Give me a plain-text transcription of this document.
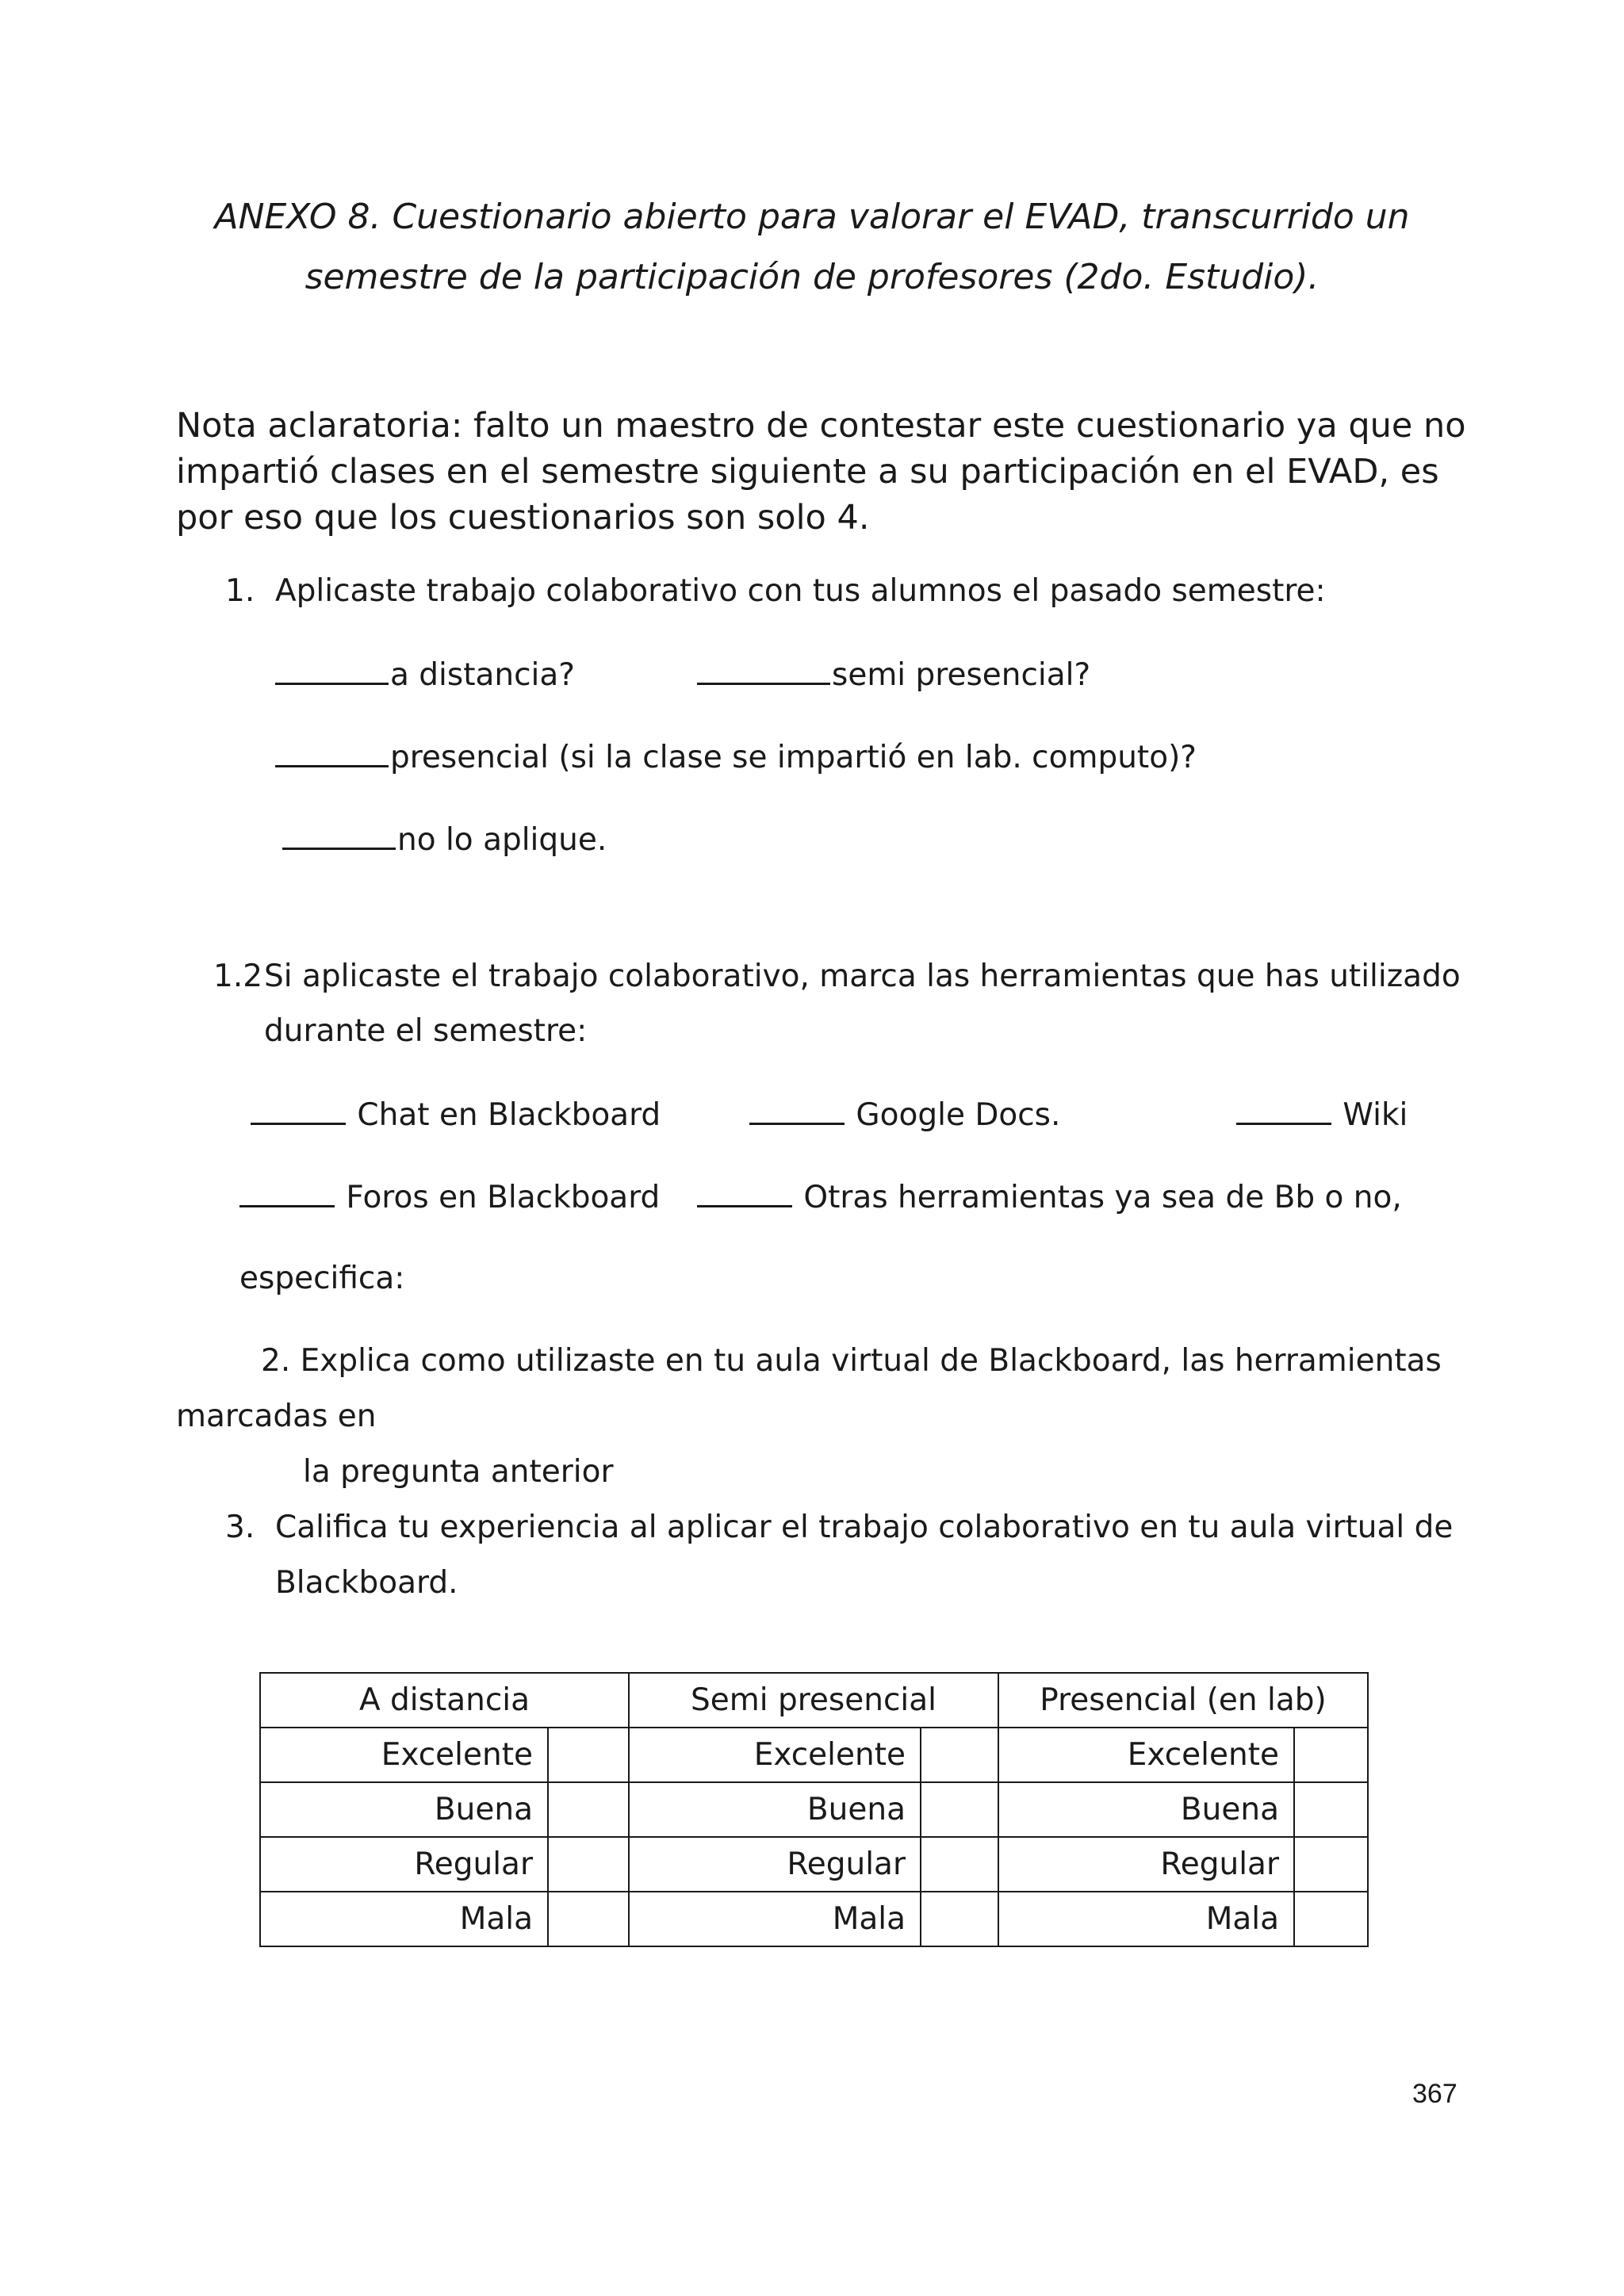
ANEXO 8. Cuestionario abierto para valorar el EVAD, transcurrido un
semestre de la participación de profesores (2do. Estudio).
Nota aclaratoria: falto un maestro de contestar este cuestionario ya que no
impartió clases en el semestre siguiente a su participación en el EVAD, es
por eso que los cuestionarios son solo 4.
1. Aplicaste trabajo colaborativo con tus alumnos el pasado semestre:
a distancia?	semi presencial?
presencial (si la clase se impartió en lab. computo)?
no lo aplique.
1.2 Si aplicaste el trabajo colaborativo, marca las herramientas que has utilizado
durante el semestre:
Chat en Blackboard	Google Docs.	Wiki
Foros en Blackboard	Otras herramientas ya sea de Bb o no,
especifica:
2. Explica como utilizaste en tu aula virtual de Blackboard, las herramientas
marcadas en
la pregunta anterior
3. Califica tu experiencia al aplicar el trabajo colaborativo en tu aula virtual de
Blackboard.
A distancia		Semi presencial		Presencial (en lab)	
Excelente		Excelente		Excelente	
Buena		Buena		Buena	
Regular		Regular		Regular	
Mala		Mala		Mala	
367
